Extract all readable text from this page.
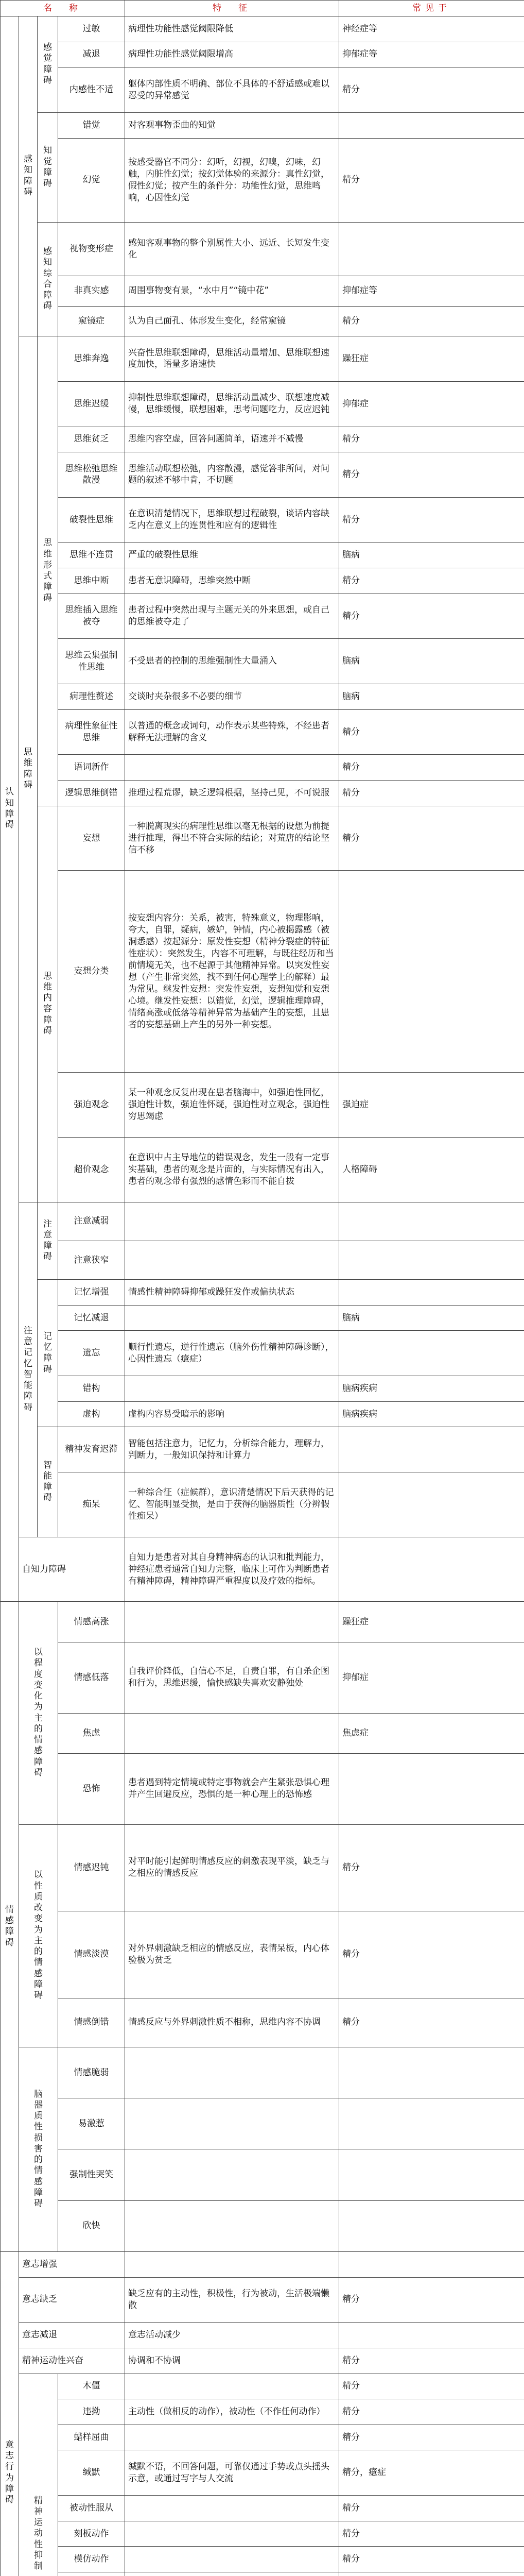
名　称				特　征	常见于
认知障碍	感知障碍	感觉障碍	过敏	病理性功能性感觉阈限降低	神经症等
			减退	病理性功能性感觉阈限增高	抑郁症等
			内感性不适	躯体内部性质不明确、部位不具体的不舒适感或难以忍受的异常感觉	精分
		知觉障碍	错觉	对客观事物歪曲的知觉	
			幻觉	按感受器官不同分：幻听，幻视，幻嗅，幻味，幻触，内脏性幻觉；按幻觉体验的来源分：真性幻觉，假性幻觉；按产生的条件分：功能性幻觉，思维鸣响，心因性幻觉	精分
		感知综合障碍	视物变形症	感知客观事物的整个别属性大小、远近、长短发生变化	
			非真实感	周围事物变有景，“水中月”“镜中花”	抑郁症等
			窥镜症	认为自己面孔、体形发生变化，经常窥镜	精分
	思维障碍	思维形式障碍	思维奔逸	兴奋性思维联想障碍，思维活动量增加、思维联想速度加快，语量多语速快	躁狂症
			思维迟缓	抑制性思维联想障碍，思维活动量减少、联想速度减慢，思维缓慢，联想困难，思考问题吃力，反应迟钝	抑郁症
			思维贫乏	思维内容空虚，回答问题简单，语速并不减慢	精分
			思维松弛思维散漫	思维活动联想松弛，内容散漫，感觉答非所问，对问题的叙述不够中肯，不切题	精分
			破裂性思维	在意识清楚情况下，思维联想过程破裂，谈话内容缺乏内在意义上的连贯性和应有的逻辑性	精分
			思维不连贯	严重的破裂性思维	脑病
			思维中断	患者无意识障碍，思维突然中断	精分
			思维插入思维被夺	患者过程中突然出现与主题无关的外来思想，或自己的思维被夺走了	精分
			思维云集强制性思维	不受患者的控制的思维强制性大量涌入	脑病
			病理性赘述	交谈时夹杂很多不必要的细节	脑病
			病理性象征性思维	以普通的概念或词句，动作表示某些特殊，不经患者解释无法理解的含义	精分
			语词新作		精分
			逻辑思维倒错	推理过程荒谬，缺乏逻辑根据，坚持己见，不可说服	精分
		思维内容障碍	妄想	一种脱离现实的病理性思维以毫无根据的设想为前提进行推理，得出不符合实际的结论；对荒唐的结论坚信不移	精分
			妄想分类	按妄想内容分：关系，被害，特殊意义，物理影响，夸大，自罪，疑病，嫉妒，钟情，内心被揭露感（被洞悉感）按起源分：原发性妄想（精神分裂症的特征性症状）：突然发生，内容不可理解，与既往经历和当前情境无关，也不起源于其他精神异常。以突发性妄想（产生非常突然，找不到任何心理学上的解释）最为常见。继发性妄想：突发性妄想，妄想知觉和妄想心境。继发性妄想：以错觉，幻觉，逻辑推理障碍，情绪高涨或低落等精神异常为基础产生的妄想，且患者的妄想基础上产生的另外一种妄想。	
			强迫观念	某一种观念反复出现在患者脑海中，如强迫性回忆，强迫性计数，强迫性怀疑，强迫性对立观念，强迫性穷思竭虑	强迫症
			超价观念	在意识中占主导地位的错误观念，发生一般有一定事实基础，患者的观念是片面的，与实际情况有出入，患者的观念带有强烈的感情色彩而不能自拔	人格障碍
	注意记忆智能障碍	注意障碍	注意减弱		
			注意狭窄		
		记忆障碍	记忆增强	情感性精神障碍抑郁或躁狂发作或偏执状态	
			记忆减退		脑病
			遗忘	顺行性遗忘，逆行性遗忘（脑外伤性精神障碍诊断），心因性遗忘（癔症）	
			错构		脑病疾病
			虚构	虚构内容易受暗示的影响	脑病疾病
		智能障碍	精神发育迟滞	智能包括注意力，记忆力，分析综合能力，理解力，判断力，一般知识保持和计算力	
			痴呆	一种综合征（症候群），意识清楚情况下后天获得的记忆、智能明显受损，是由于获得的脑器质性（分辨假性痴呆）	
	自知力障碍			自知力是患者对其自身精神病态的认识和批判能力，神经症患者通常自知力完整，临床上可作为判断患者有精神障碍，精神障碍严重程度以及疗效的指标。	
情感障碍	以程度变化为主的情感障碍		情感高涨		躁狂症
			情感低落	自我评价降低，自信心不足，自责自罪，有自杀企图和行为，思维迟缓，愉快感缺失喜欢安静独处	抑郁症
			焦虑		焦虑症
			恐怖	患者遇到特定情境或特定事物就会产生紧张恐惧心理并产生回避反应，恐惧的是一种心理上的恐怖感	
	以性质改变为主的情感障碍		情感迟钝	对平时能引起鲜明情感反应的刺激表现平淡，缺乏与之相应的情感反应	精分
			情感淡漠	对外界刺激缺乏相应的情感反应，表情呆板，内心体验极为贫乏	精分
			情感倒错	情感反应与外界刺激性质不相称，思维内容不协调	精分
	脑器质性损害的情感障碍		情感脆弱		
			易激惹		
			强制性哭笑		
			欣快		
意志行为障碍	意志增强				
	意志缺乏			缺乏应有的主动性，积极性，行为被动，生活极端懒散	精分
	意志减退			意志活动减少	
	精神运动性兴奋			协调和不协调	精分
	精神运动性抑制		木僵		精分
			违拗	主动性（做相反的动作），被动性（不作任何动作）	精分
			蜡样屈曲		精分
			缄默	缄默不语，不回答问题，可靠仅通过手势或点头摇头示意，或通过写字与人交流	精分，癔症
			被动性服从		精分
			刻板动作		精分
			模仿动作		精分
